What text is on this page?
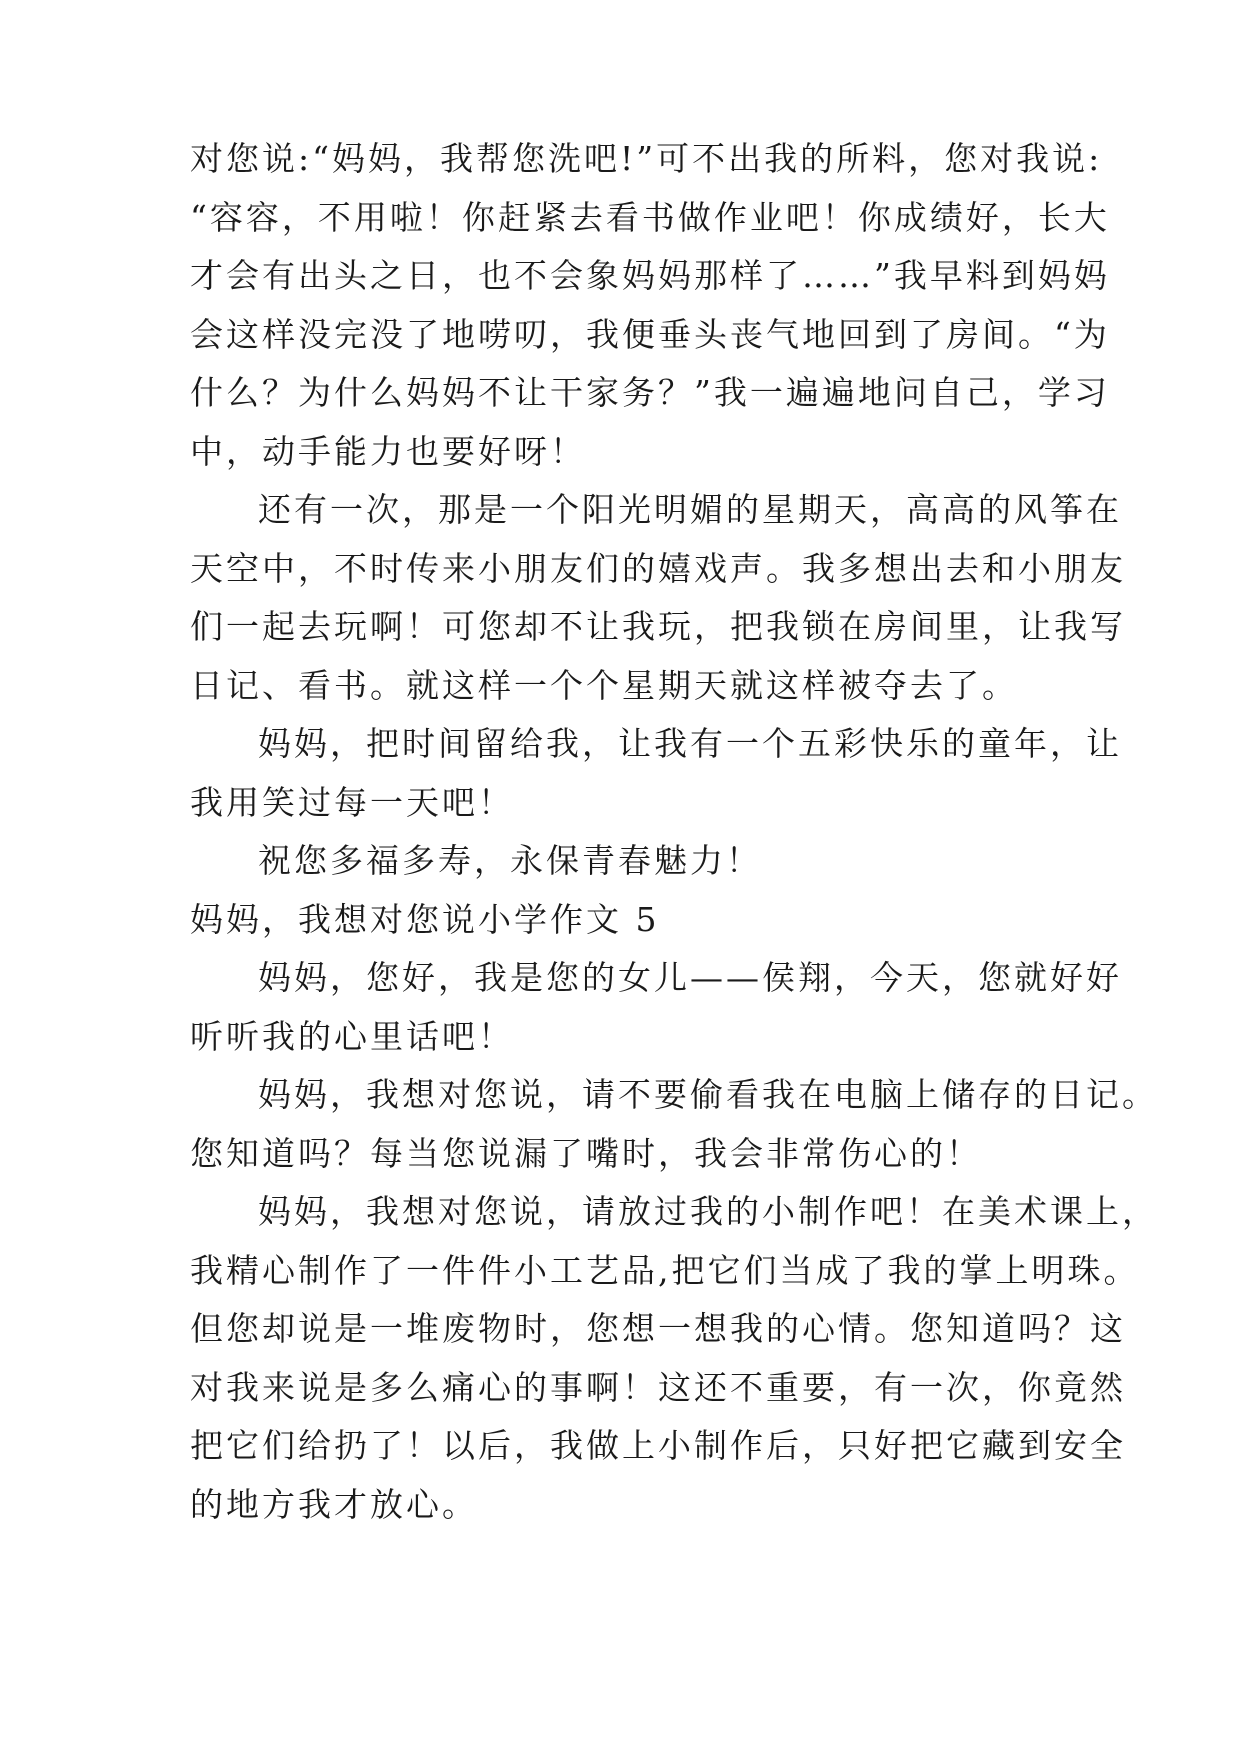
对您说:“妈妈，我帮您洗吧!”可不出我的所料，您对我说:
“容容，不用啦！你赶紧去看书做作业吧！你成绩好，长大
才会有出头之日，也不会象妈妈那样了……”我早料到妈妈
会这样没完没了地唠叨，我便垂头丧气地回到了房间。“为
什么？为什么妈妈不让干家务？”我一遍遍地问自己，学习
中，动手能力也要好呀！
还有一次，那是一个阳光明媚的星期天，高高的风筝在
天空中，不时传来小朋友们的嬉戏声。我多想出去和小朋友
们一起去玩啊！可您却不让我玩，把我锁在房间里，让我写
日记、看书。就这样一个个星期天就这样被夺去了。
妈妈，把时间留给我，让我有一个五彩快乐的童年，让
我用笑过每一天吧！
祝您多福多寿，永保青春魅力！
妈妈，我想对您说小学作文 5
妈妈，您好，我是您的女儿——侯翔，今天，您就好好
听听我的心里话吧！
妈妈，我想对您说，请不要偷看我在电脑上储存的日记。
您知道吗？每当您说漏了嘴时，我会非常伤心的！
妈妈，我想对您说，请放过我的小制作吧！在美术课上，
我精心制作了一件件小工艺品,把它们当成了我的掌上明珠。
但您却说是一堆废物时，您想一想我的心情。您知道吗？这
对我来说是多么痛心的事啊！这还不重要，有一次，你竟然
把它们给扔了！以后，我做上小制作后，只好把它藏到安全
的地方我才放心。
